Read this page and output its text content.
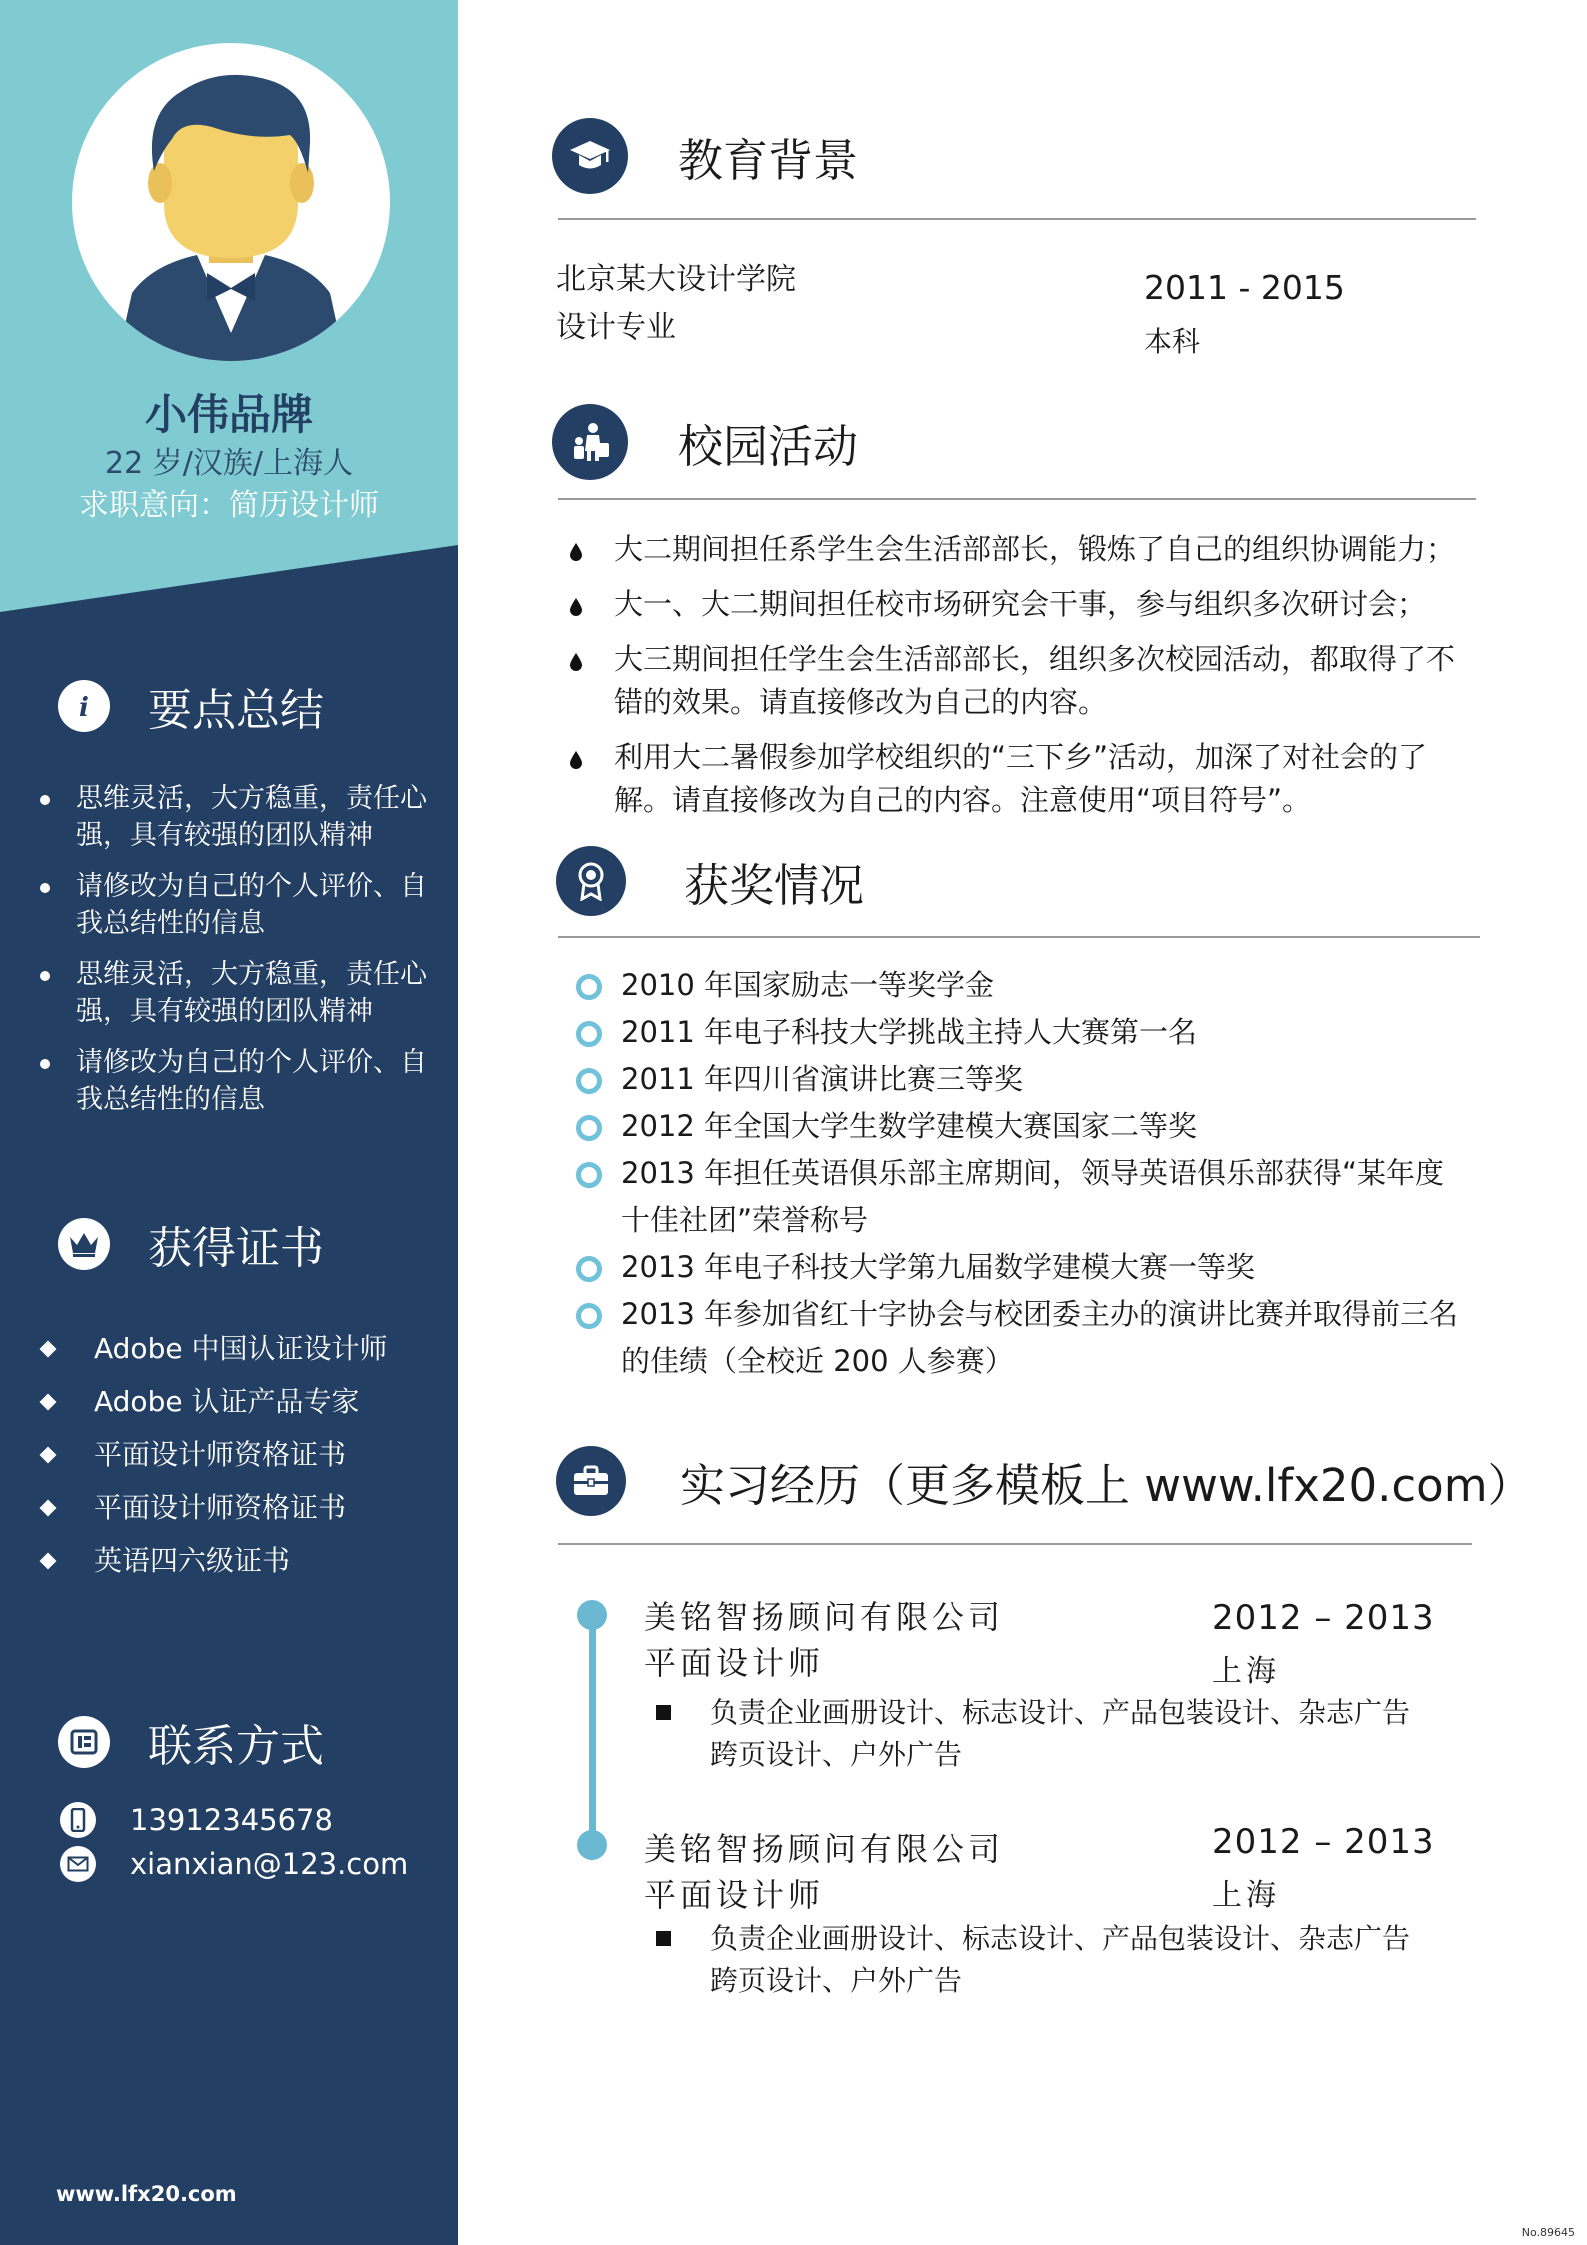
小伟品牌
22 岁/汉族/上海人
求职意向：简历设计师
i 要点总结
思维灵活，大方稳重，责任心强，具有较强的团队精神
请修改为自己的个人评价、自我总结性的信息
思维灵活，大方稳重，责任心强，具有较强的团队精神
请修改为自己的个人评价、自我总结性的信息
获得证书
Adobe 中国认证设计师
Adobe 认证产品专家
平面设计师资格证书
平面设计师资格证书
英语四六级证书
联系方式
13912345678
xianxian@123.com
www.lfx20.com
教育背景
北京某大设计学院
设计专业
2011 - 2015
本科
校园活动
大二期间担任系学生会生活部部长，锻炼了自己的组织协调能力；
大一、大二期间担任校市场研究会干事，参与组织多次研讨会；
大三期间担任学生会生活部部长，组织多次校园活动，都取得了不错的效果。请直接修改为自己的内容。
利用大二暑假参加学校组织的“三下乡”活动，加深了对社会的了解。请直接修改为自己的内容。注意使用“项目符号”。
获奖情况
2010 年国家励志一等奖学金
2011 年电子科技大学挑战主持人大赛第一名
2011 年四川省演讲比赛三等奖
2012 年全国大学生数学建模大赛国家二等奖
2013 年担任英语俱乐部主席期间，领导英语俱乐部获得“某年度十佳社团”荣誉称号
2013 年电子科技大学第九届数学建模大赛一等奖
2013 年参加省红十字协会与校团委主办的演讲比赛并取得前三名的佳绩（全校近 200 人参赛）
实习经历（更多模板上 www.lfx20.com）
美铭智扬顾问有限公司
平面设计师
2012 – 2013
上海
负责企业画册设计、标志设计、产品包装设计、杂志广告跨页设计、户外广告
美铭智扬顾问有限公司
平面设计师
2012 – 2013
上海
负责企业画册设计、标志设计、产品包装设计、杂志广告跨页设计、户外广告
No.89645
